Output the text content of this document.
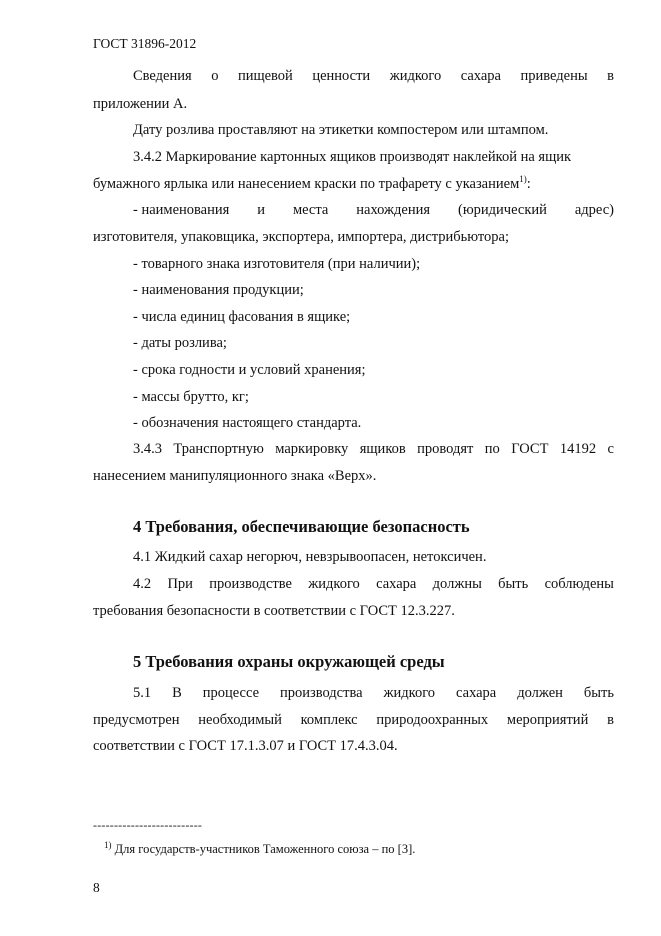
ГОСТ 31896-2012
Сведения о пищевой ценности жидкого сахара приведены в
приложении А.
Дату розлива проставляют на этикетки компостером или штампом.
3.4.2 Маркирование картонных ящиков производят наклейкой на ящик
бумажного ярлыка или нанесением краски по трафарету с указанием$^{1)}$:
- наименования и места нахождения (юридический адрес)
изготовителя, упаковщика, экспортера, импортера, дистрибьютора;
- товарного знака изготовителя (при наличии);
- наименования продукции;
- числа единиц фасования в ящике;
- даты розлива;
- срока годности и условий хранения;
- массы брутто, кг;
- обозначения настоящего стандарта.
3.4.3 Транспортную маркировку ящиков проводят по ГОСТ 14192 с
нанесением манипуляционного знака «Верх».
4 Требования, обеспечивающие безопасность
4.1 Жидкий сахар негорюч, невзрывоопасен, нетоксичен.
4.2 При производстве жидкого сахара должны быть соблюдены
требования безопасности в соответствии с ГОСТ 12.3.227.
5 Требования охраны окружающей среды
5.1 В процессе производства жидкого сахара должен быть
предусмотрен необходимый комплекс природоохранных мероприятий в
соответствии с ГОСТ 17.1.3.07 и ГОСТ 17.4.3.04.
--------------------------
$^{1)}$ Для государств-участников Таможенного союза – по [3].
8
